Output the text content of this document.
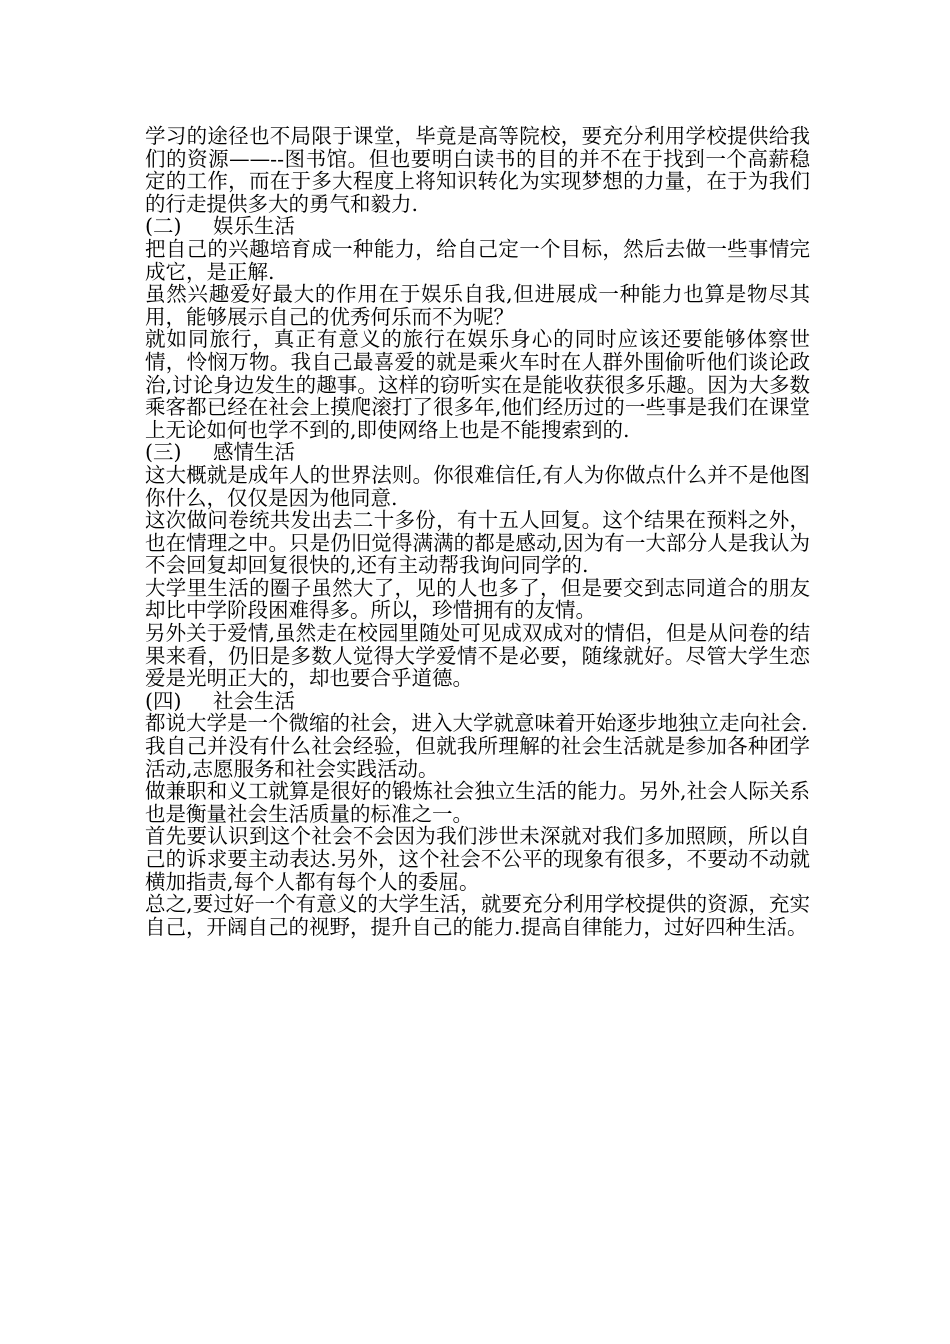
学习的途径也不局限于课堂，毕竟是高等院校，要充分利用学校提供给我们的资源——--图书馆。但也要明白读书的目的并不在于找到一个高薪稳定的工作，而在于多大程度上将知识转化为实现梦想的力量，在于为我们的行走提供多大的勇气和毅力.

(二)	娱乐生活

把自己的兴趣培育成一种能力，给自己定一个目标，然后去做一些事情完成它，是正解.

虽然兴趣爱好最大的作用在于娱乐自我,但进展成一种能力也算是物尽其用，能够展示自己的优秀何乐而不为呢？

就如同旅行，真正有意义的旅行在娱乐身心的同时应该还要能够体察世情，怜悯万物。我自己最喜爱的就是乘火车时在人群外围偷听他们谈论政治,讨论身边发生的趣事。这样的窃听实在是能收获很多乐趣。因为大多数乘客都已经在社会上摸爬滚打了很多年,他们经历过的一些事是我们在课堂上无论如何也学不到的,即使网络上也是不能搜索到的.

(三)	感情生活

这大概就是成年人的世界法则。你很难信任,有人为你做点什么并不是他图你什么，仅仅是因为他同意.

这次做问卷统共发出去二十多份，有十五人回复。这个结果在预料之外，也在情理之中。只是仍旧觉得满满的都是感动,因为有一大部分人是我认为不会回复却回复很快的,还有主动帮我询问同学的.

大学里生活的圈子虽然大了，见的人也多了，但是要交到志同道合的朋友却比中学阶段困难得多。所以，珍惜拥有的友情。

另外关于爱情,虽然走在校园里随处可见成双成对的情侣，但是从问卷的结果来看，仍旧是多数人觉得大学爱情不是必要，随缘就好。尽管大学生恋爱是光明正大的，却也要合乎道德。

(四)	社会生活

都说大学是一个微缩的社会，进入大学就意味着开始逐步地独立走向社会.

我自己并没有什么社会经验，但就我所理解的社会生活就是参加各种团学活动,志愿服务和社会实践活动。

做兼职和义工就算是很好的锻炼社会独立生活的能力。另外,社会人际关系也是衡量社会生活质量的标准之一。

首先要认识到这个社会不会因为我们涉世未深就对我们多加照顾，所以自己的诉求要主动表达.另外，这个社会不公平的现象有很多，不要动不动就横加指责,每个人都有每个人的委屈。

总之,要过好一个有意义的大学生活，就要充分利用学校提供的资源，充实自己，开阔自己的视野，提升自己的能力.提高自律能力，过好四种生活。
